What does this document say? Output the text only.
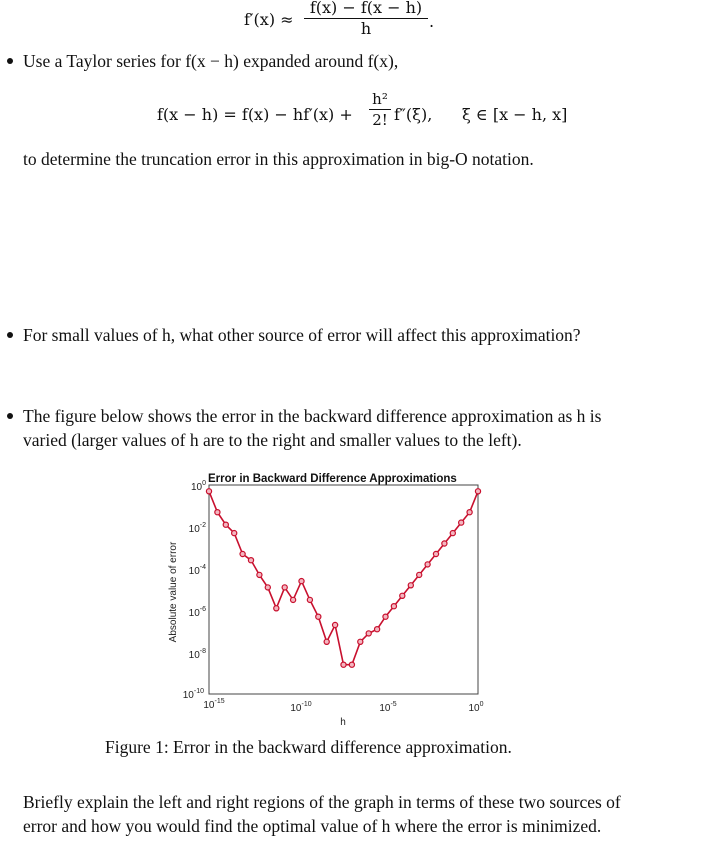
f′(x) ≈
f(x) − f(x − h)
h	.
Use a Taylor series for f(x − h) expanded around f(x),
f(x − h) = f(x) − hf′(x) +
h²
2! f″(ξ), ξ ∈ [x − h, x]
to determine the truncation error in this approximation in big-O notation.
For small values of h, what other source of error will affect this approximation?
The figure below shows the error in the backward difference approximation as h is
varied (larger values of h are to the right and smaller values to the left).
Error in Backward Difference Approximations
$10^0$
$10^{-2}$
$10^{-4}$
$10^{-6}$
$10^{-8}$
$10^{-10}$
$10^{-15}$
$10^{-10}$	$10^{-5}$	$10^0$
h
Absolute value of error
Figure 1: Error in the backward difference approximation.
Briefly explain the left and right regions of the graph in terms of these two sources of
error and how you would find the optimal value of h where the error is minimized.
